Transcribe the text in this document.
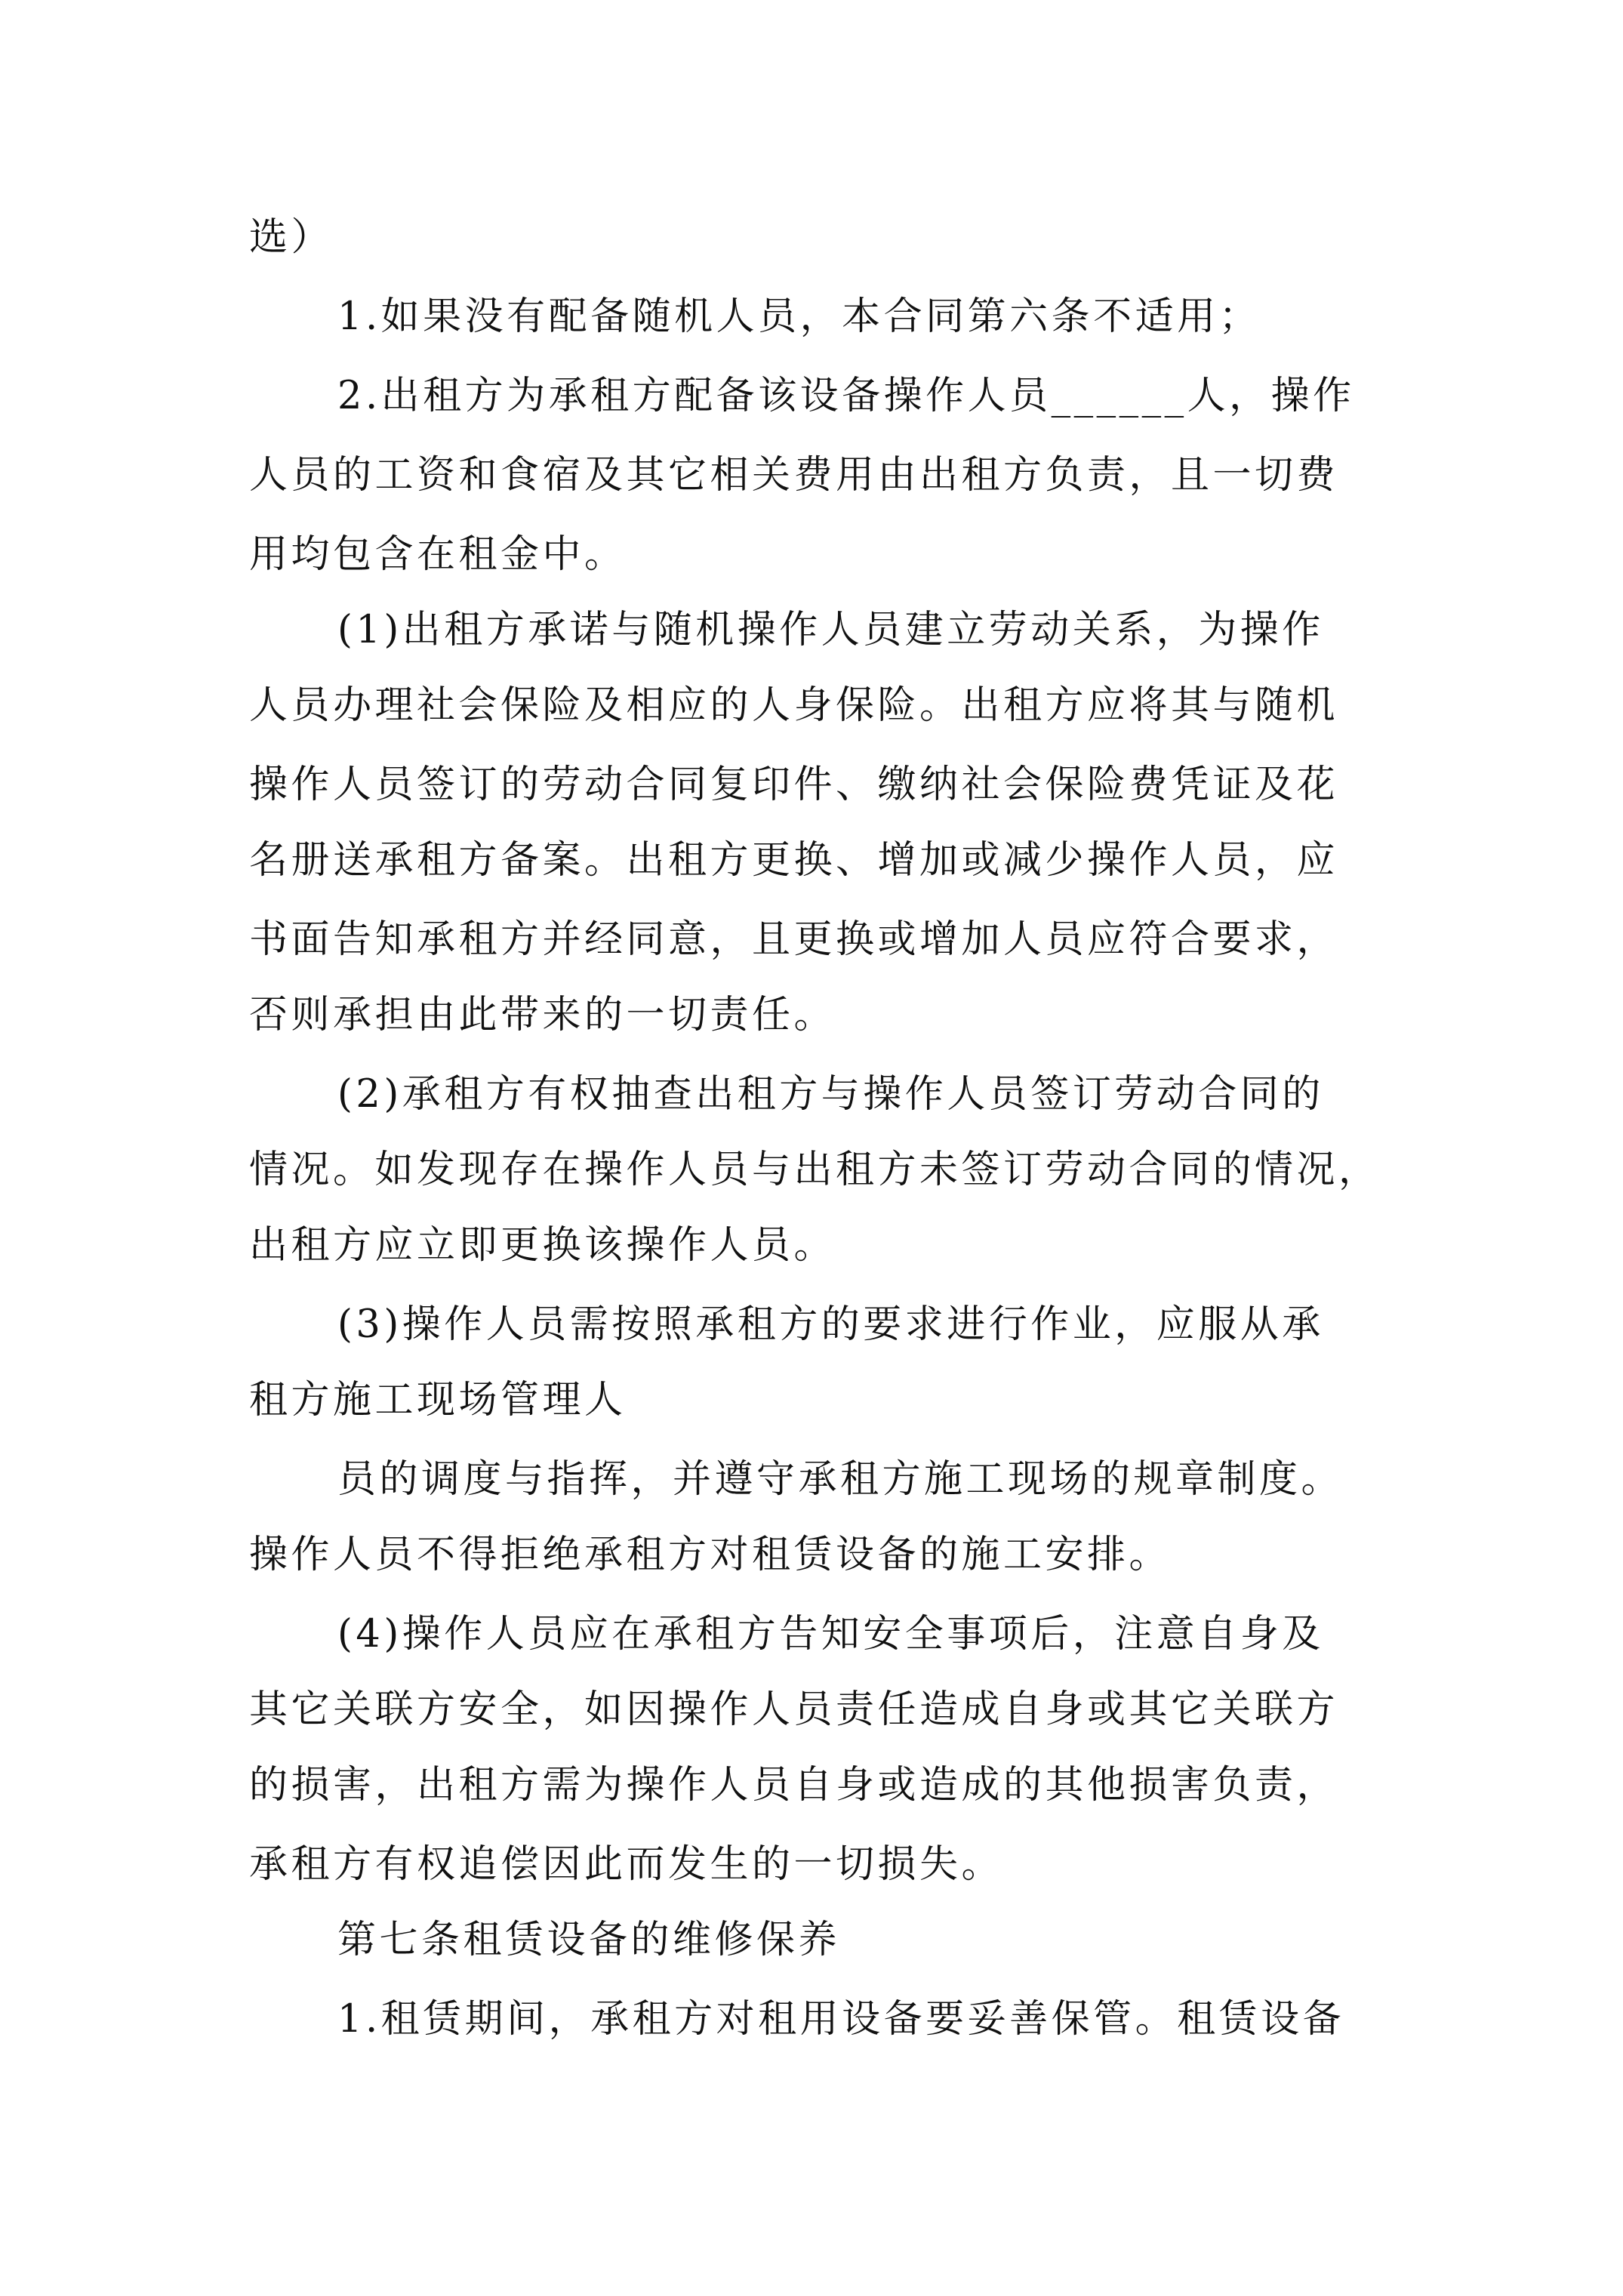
选）
1.如果没有配备随机人员，本合同第六条不适用；
2.出租方为承租方配备该设备操作人员______人，操作
人员的工资和食宿及其它相关费用由出租方负责，且一切费
用均包含在租金中。
(1)出租方承诺与随机操作人员建立劳动关系，为操作
人员办理社会保险及相应的人身保险。出租方应将其与随机
操作人员签订的劳动合同复印件、缴纳社会保险费凭证及花
名册送承租方备案。出租方更换、增加或减少操作人员，应
书面告知承租方并经同意，且更换或增加人员应符合要求，
否则承担由此带来的一切责任。
(2)承租方有权抽查出租方与操作人员签订劳动合同的
情况。如发现存在操作人员与出租方未签订劳动合同的情况，
出租方应立即更换该操作人员。
(3)操作人员需按照承租方的要求进行作业，应服从承
租方施工现场管理人
员的调度与指挥，并遵守承租方施工现场的规章制度。
操作人员不得拒绝承租方对租赁设备的施工安排。
(4)操作人员应在承租方告知安全事项后，注意自身及
其它关联方安全，如因操作人员责任造成自身或其它关联方
的损害，出租方需为操作人员自身或造成的其他损害负责，
承租方有权追偿因此而发生的一切损失。
第七条租赁设备的维修保养
1.租赁期间，承租方对租用设备要妥善保管。租赁设备
